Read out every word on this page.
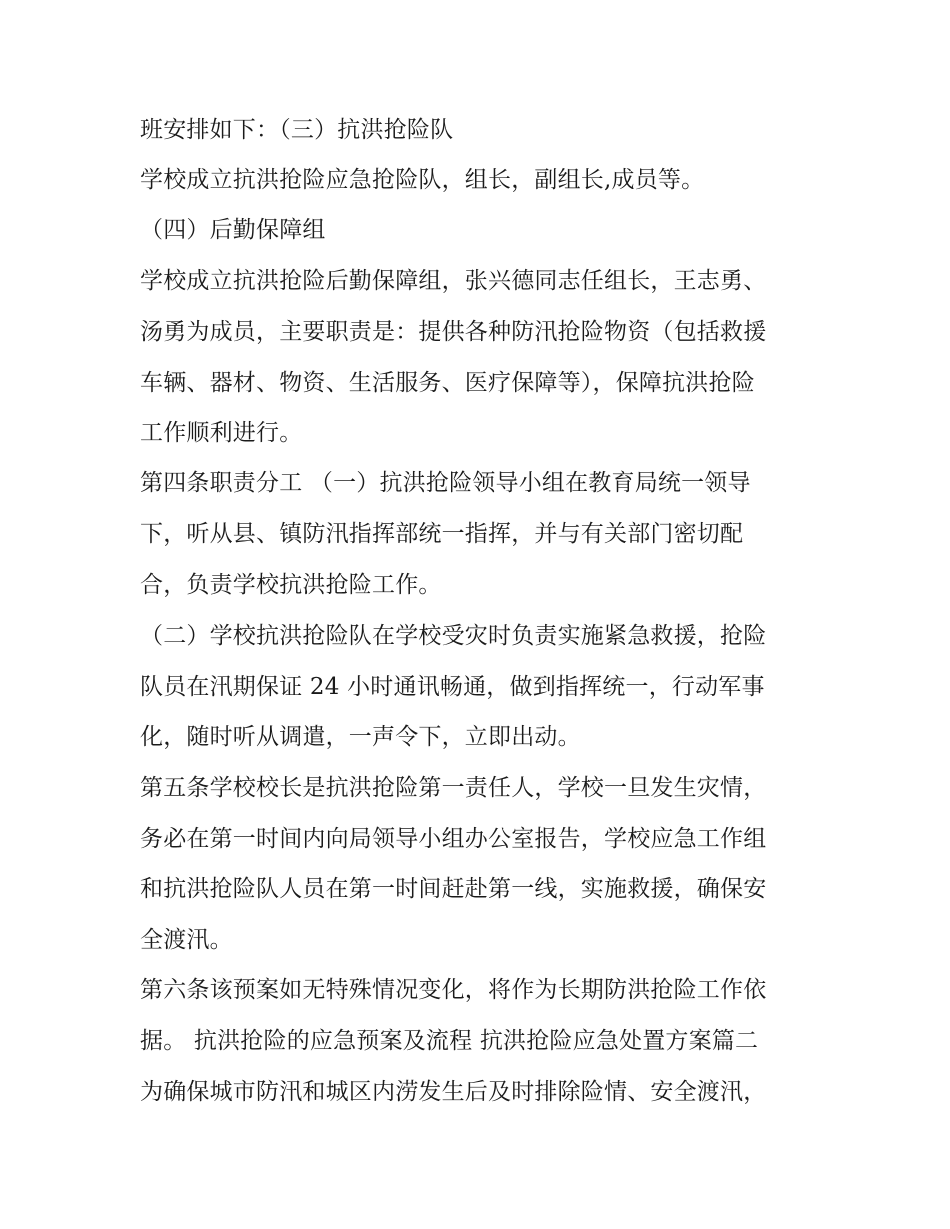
班安排如下：（三）抗洪抢险队
学校成立抗洪抢险应急抢险队，组长，副组长,成员等。
（四）后勤保障组
学校成立抗洪抢险后勤保障组，张兴德同志任组长，王志勇、
汤勇为成员，主要职责是：提供各种防汛抢险物资（包括救援
车辆、器材、物资、生活服务、医疗保障等），保障抗洪抢险
工作顺利进行。
第四条职责分工 （一）抗洪抢险领导小组在教育局统一领导
下，听从县、镇防汛指挥部统一指挥，并与有关部门密切配
合，负责学校抗洪抢险工作。
（二）学校抗洪抢险队在学校受灾时负责实施紧急救援，抢险
队员在汛期保证 24 小时通讯畅通，做到指挥统一，行动军事
化，随时听从调遣，一声令下，立即出动。
第五条学校校长是抗洪抢险第一责任人，学校一旦发生灾情，
务必在第一时间内向局领导小组办公室报告，学校应急工作组
和抗洪抢险队人员在第一时间赶赴第一线，实施救援，确保安
全渡汛。
第六条该预案如无特殊情况变化，将作为长期防洪抢险工作依
据。 抗洪抢险的应急预案及流程 抗洪抢险应急处置方案篇二
为确保城市防汛和城区内涝发生后及时排除险情、安全渡汛，
